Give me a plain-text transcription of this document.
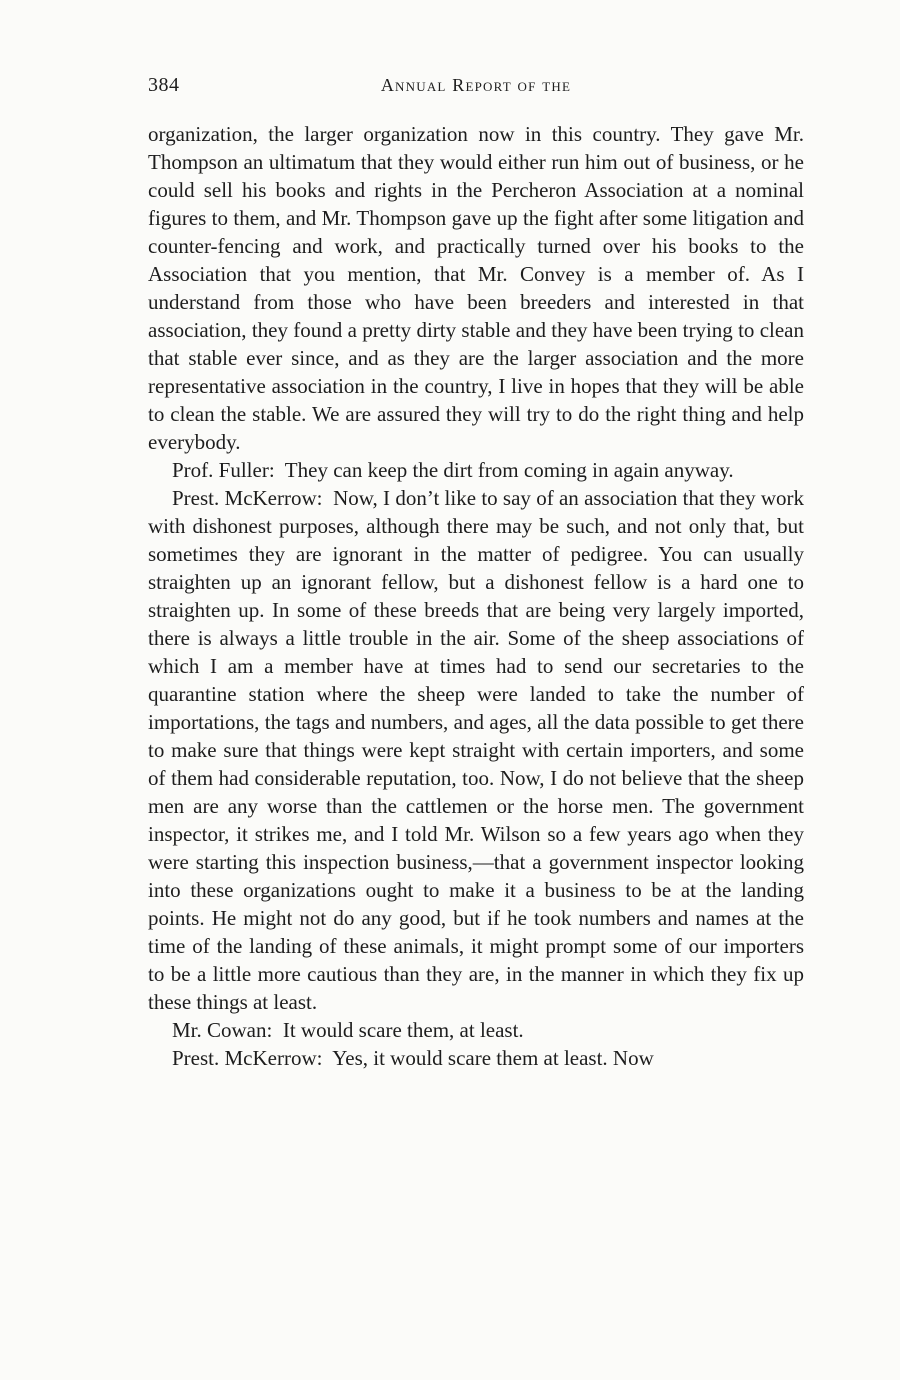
384	Annual Report of the

organization, the larger organization now in this country. They gave Mr. Thompson an ultimatum that they would either run him out of business, or he could sell his books and rights in the Percheron Association at a nominal figures to them, and Mr. Thompson gave up the fight after some litigation and counter-fencing and work, and practically turned over his books to the Association that you mention, that Mr. Convey is a member of. As I understand from those who have been breeders and interested in that association, they found a pretty dirty stable and they have been trying to clean that stable ever since, and as they are the larger association and the more representative association in the country, I live in hopes that they will be able to clean the stable. We are assured they will try to do the right thing and help everybody.

Prof. Fuller: They can keep the dirt from coming in again anyway.

Prest. McKerrow: Now, I don’t like to say of an association that they work with dishonest purposes, although there may be such, and not only that, but sometimes they are ignorant in the matter of pedigree. You can usually straighten up an ignorant fellow, but a dishonest fellow is a hard one to straighten up. In some of these breeds that are being very largely imported, there is always a little trouble in the air. Some of the sheep associations of which I am a member have at times had to send our secretaries to the quarantine station where the sheep were landed to take the number of importations, the tags and numbers, and ages, all the data possible to get there to make sure that things were kept straight with certain importers, and some of them had considerable reputation, too. Now, I do not believe that the sheep men are any worse than the cattlemen or the horse men. The government inspector, it strikes me, and I told Mr. Wilson so a few years ago when they were starting this inspection business,—that a government inspector looking into these organizations ought to make it a business to be at the landing points. He might not do any good, but if he took numbers and names at the time of the landing of these animals, it might prompt some of our importers to be a little more cautious than they are, in the manner in which they fix up these things at least.

Mr. Cowan: It would scare them, at least.

Prest. McKerrow: Yes, it would scare them at least. Now
